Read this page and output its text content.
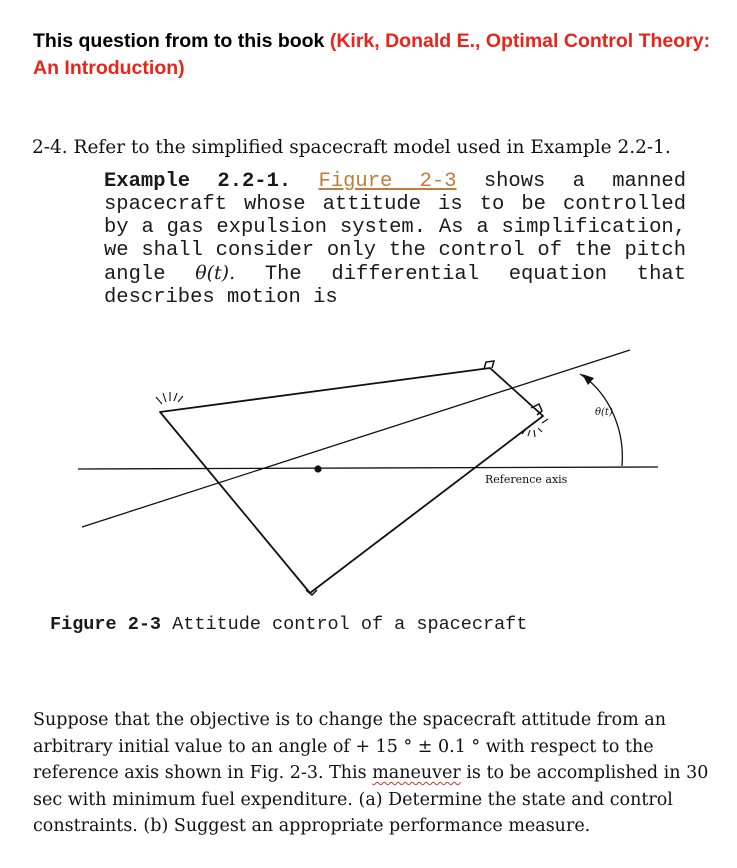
This question from to this book (Kirk, Donald E., Optimal Control Theory: An Introduction)
2-4. Refer to the simplified spacecraft model used in Example 2.2-1.
Example 2.2-1. Figure 2-3 shows a manned spacecraft whose attitude is to be controlled by a gas expulsion system. As a simplification, we shall consider only the control of the pitch angle θ(t). The differential equation that describes motion is
θ(t)
Reference axis
Figure 2-3 Attitude control of a spacecraft
Suppose that the objective is to change the spacecraft attitude from an arbitrary initial value to an angle of + 15 ° ± 0.1 ° with respect to the reference axis shown in Fig. 2-3. This maneuver is to be accomplished in 30 sec with minimum fuel expenditure. (a) Determine the state and control constraints. (b) Suggest an appropriate performance measure.
